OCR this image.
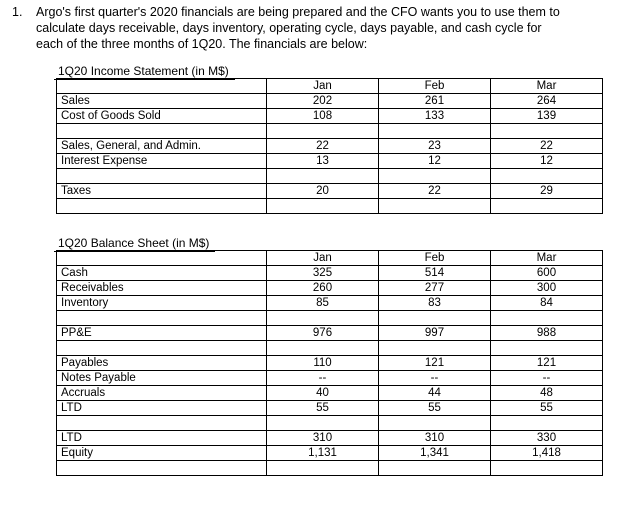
1. Argo's first quarter's 2020 financials are being prepared and the CFO wants you to use them to calculate days receivable, days inventory, operating cycle, days payable, and cash cycle for each of the three months of 1Q20. The financials are below:
1Q20 Income Statement (in M$)
	Jan	Feb	Mar
Sales	202	261	264
Cost of Goods Sold	108	133	139

Sales, General, and Admin.	22	23	22
Interest Expense	13	12	12

Taxes	20	22	29

1Q20 Balance Sheet (in M$)
	Jan	Feb	Mar
Cash	325	514	600
Receivables	260	277	300
Inventory	85	83	84

PP&E	976	997	988

Payables	110	121	121
Notes Payable	--	--	--
Accruals	40	44	48
LTD	55	55	55

LTD	310	310	330
Equity	1,131	1,341	1,418
